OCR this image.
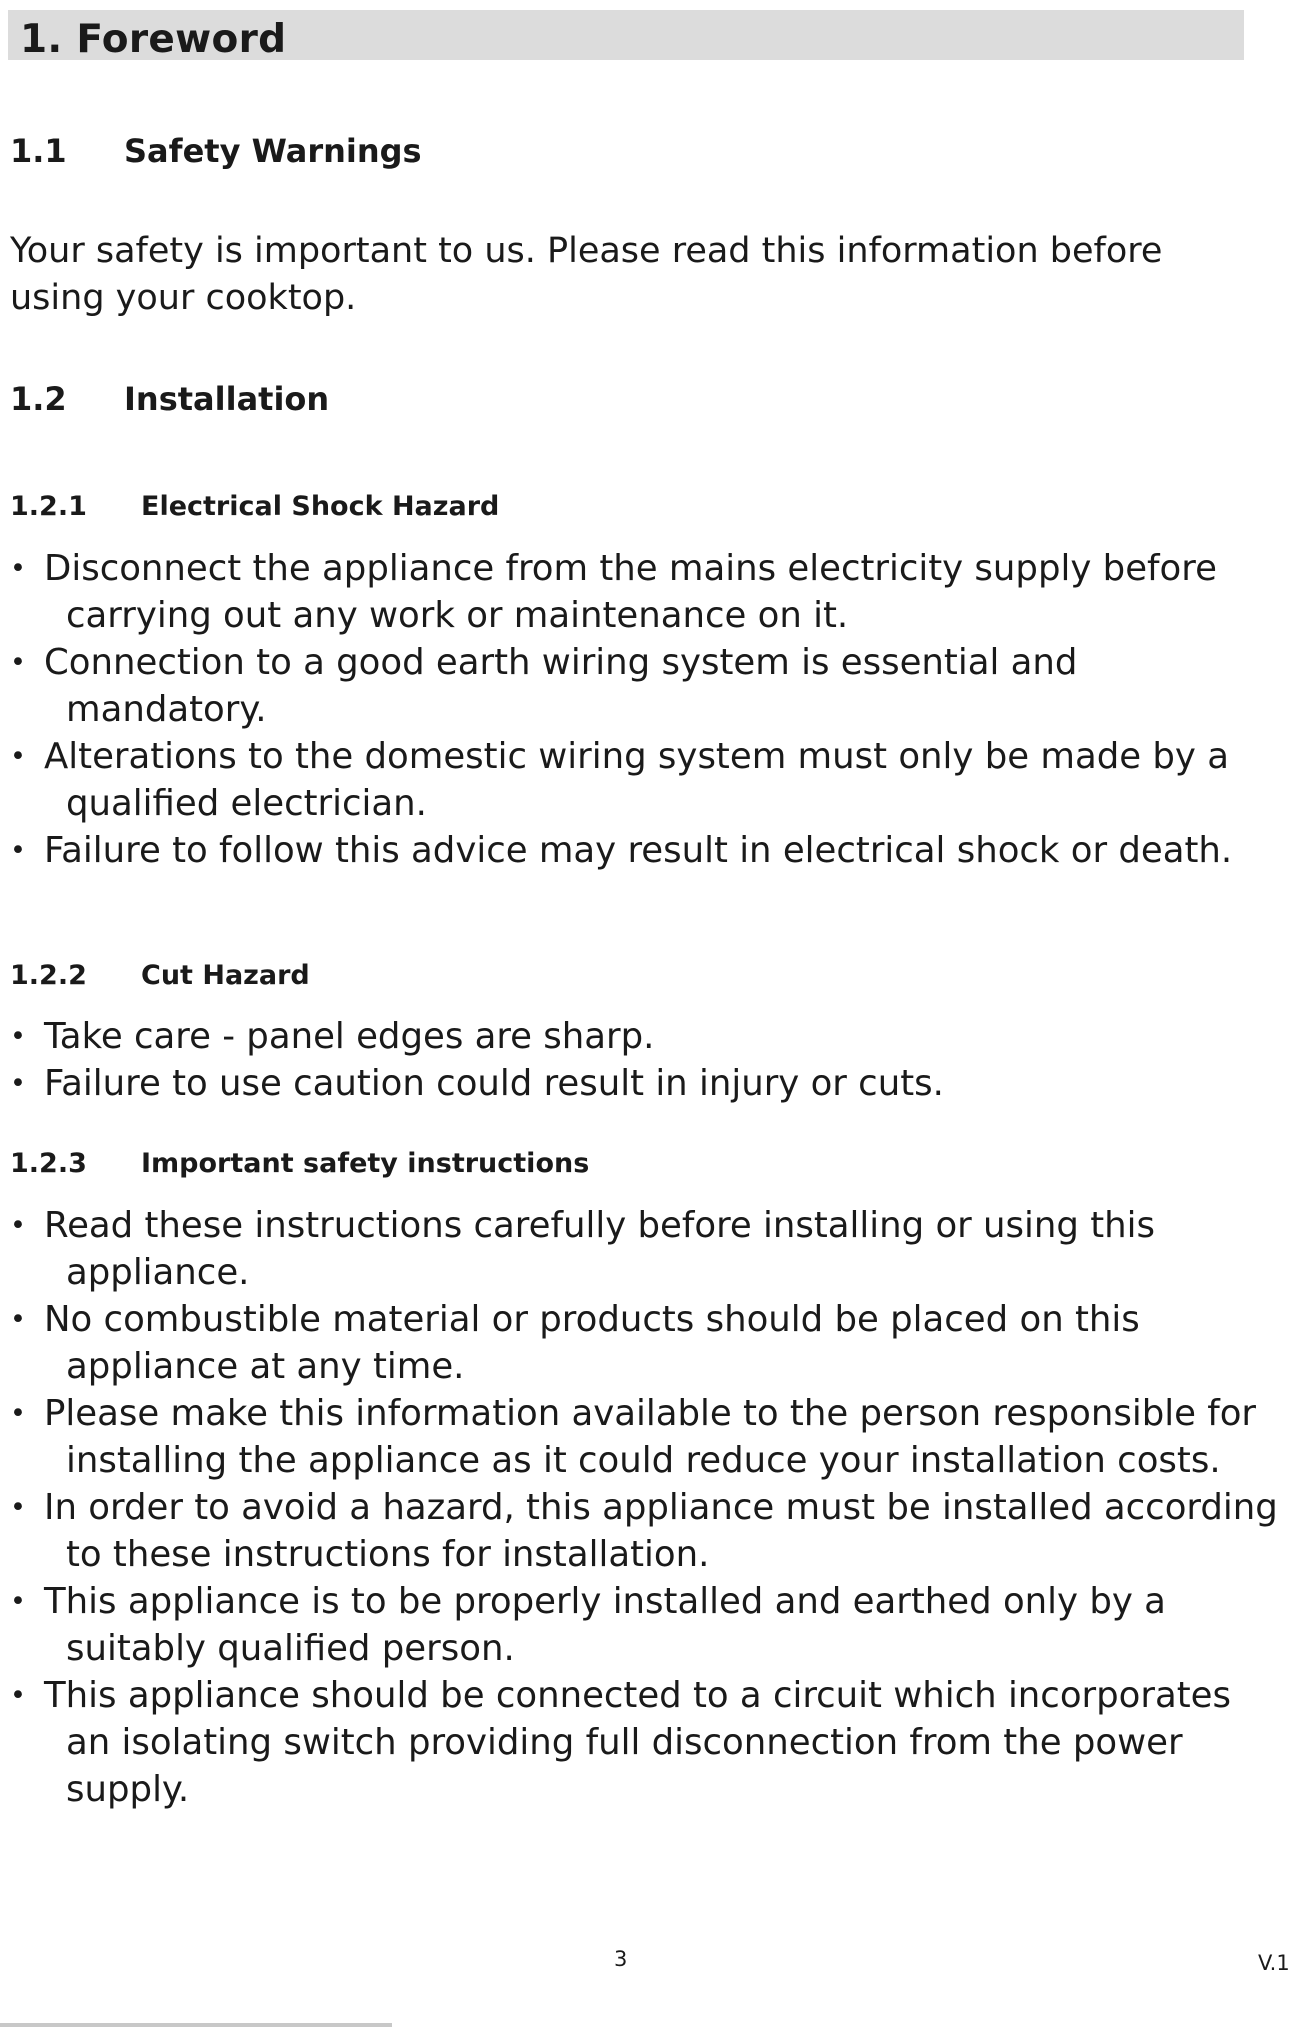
1. Foreword
1.1 Safety Warnings

Your safety is important to us. Please read this information before using your cooktop.

1.2 Installation
1.2.1 Electrical Shock Hazard
• Disconnect the appliance from the mains electricity supply before carrying out any work or maintenance on it.
• Connection to a good earth wiring system is essential and mandatory.
• Alterations to the domestic wiring system must only be made by a qualified electrician.
• Failure to follow this advice may result in electrical shock or death.
1.2.2 Cut Hazard
• Take care - panel edges are sharp.
• Failure to use caution could result in injury or cuts.
1.2.3 Important safety instructions
• Read these instructions carefully before installing or using this appliance.
• No combustible material or products should be placed on this appliance at any time.
• Please make this information available to the person responsible for installing the appliance as it could reduce your installation costs.
• In order to avoid a hazard, this appliance must be installed according to these instructions for installation.
• This appliance is to be properly installed and earthed only by a suitably qualified person.
• This appliance should be connected to a circuit which incorporates an isolating switch providing full disconnection from the power supply.
3	V.1
